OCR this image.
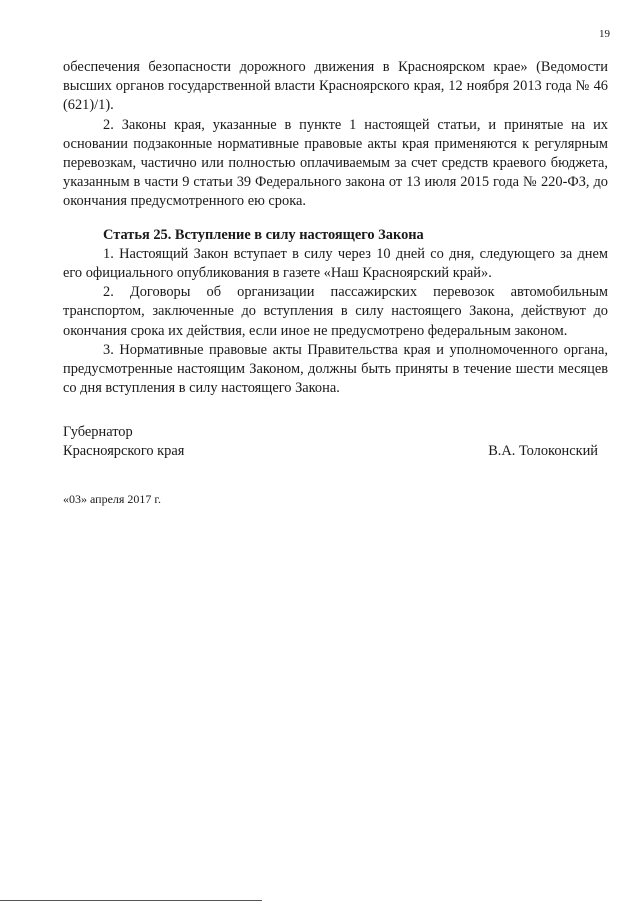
19

обеспечения безопасности дорожного движения в Красноярском крае» (Ведомости высших органов государственной власти Красноярского края, 12 ноября 2013 года № 46 (621)/1).

2. Законы края, указанные в пункте 1 настоящей статьи, и принятые на их основании подзаконные нормативные правовые акты края применяются к регулярным перевозкам, частично или полностью оплачиваемым за счет средств краевого бюджета, указанным в части 9 статьи 39 Федерального закона от 13 июля 2015 года № 220-ФЗ, до окончания предусмотренного ею срока.

Статья 25. Вступление в силу настоящего Закона

1. Настоящий Закон вступает в силу через 10 дней со дня, следующего за днем его официального опубликования в газете «Наш Красноярский край».

2. Договоры об организации пассажирских перевозок автомобильным транспортом, заключенные до вступления в силу настоящего Закона, действуют до окончания срока их действия, если иное не предусмотрено федеральным законом.

3. Нормативные правовые акты Правительства края и уполномоченного органа, предусмотренные настоящим Законом, должны быть приняты в течение шести месяцев со дня вступления в силу настоящего Закона.

Губернатор
Красноярского края	В.А. Толоконский
«03» апреля 2017 г.
